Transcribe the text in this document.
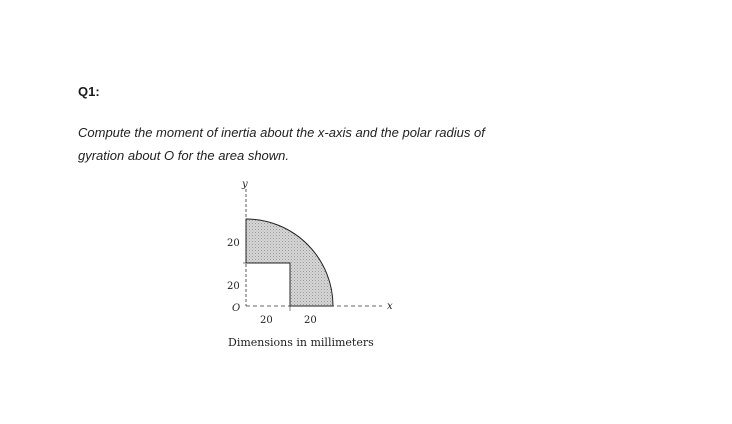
Q1:
Compute the moment of inertia about the x-axis and the polar radius of
gyration about O for the area shown.
y
x
O
20
20
20	20
Dimensions in millimeters
